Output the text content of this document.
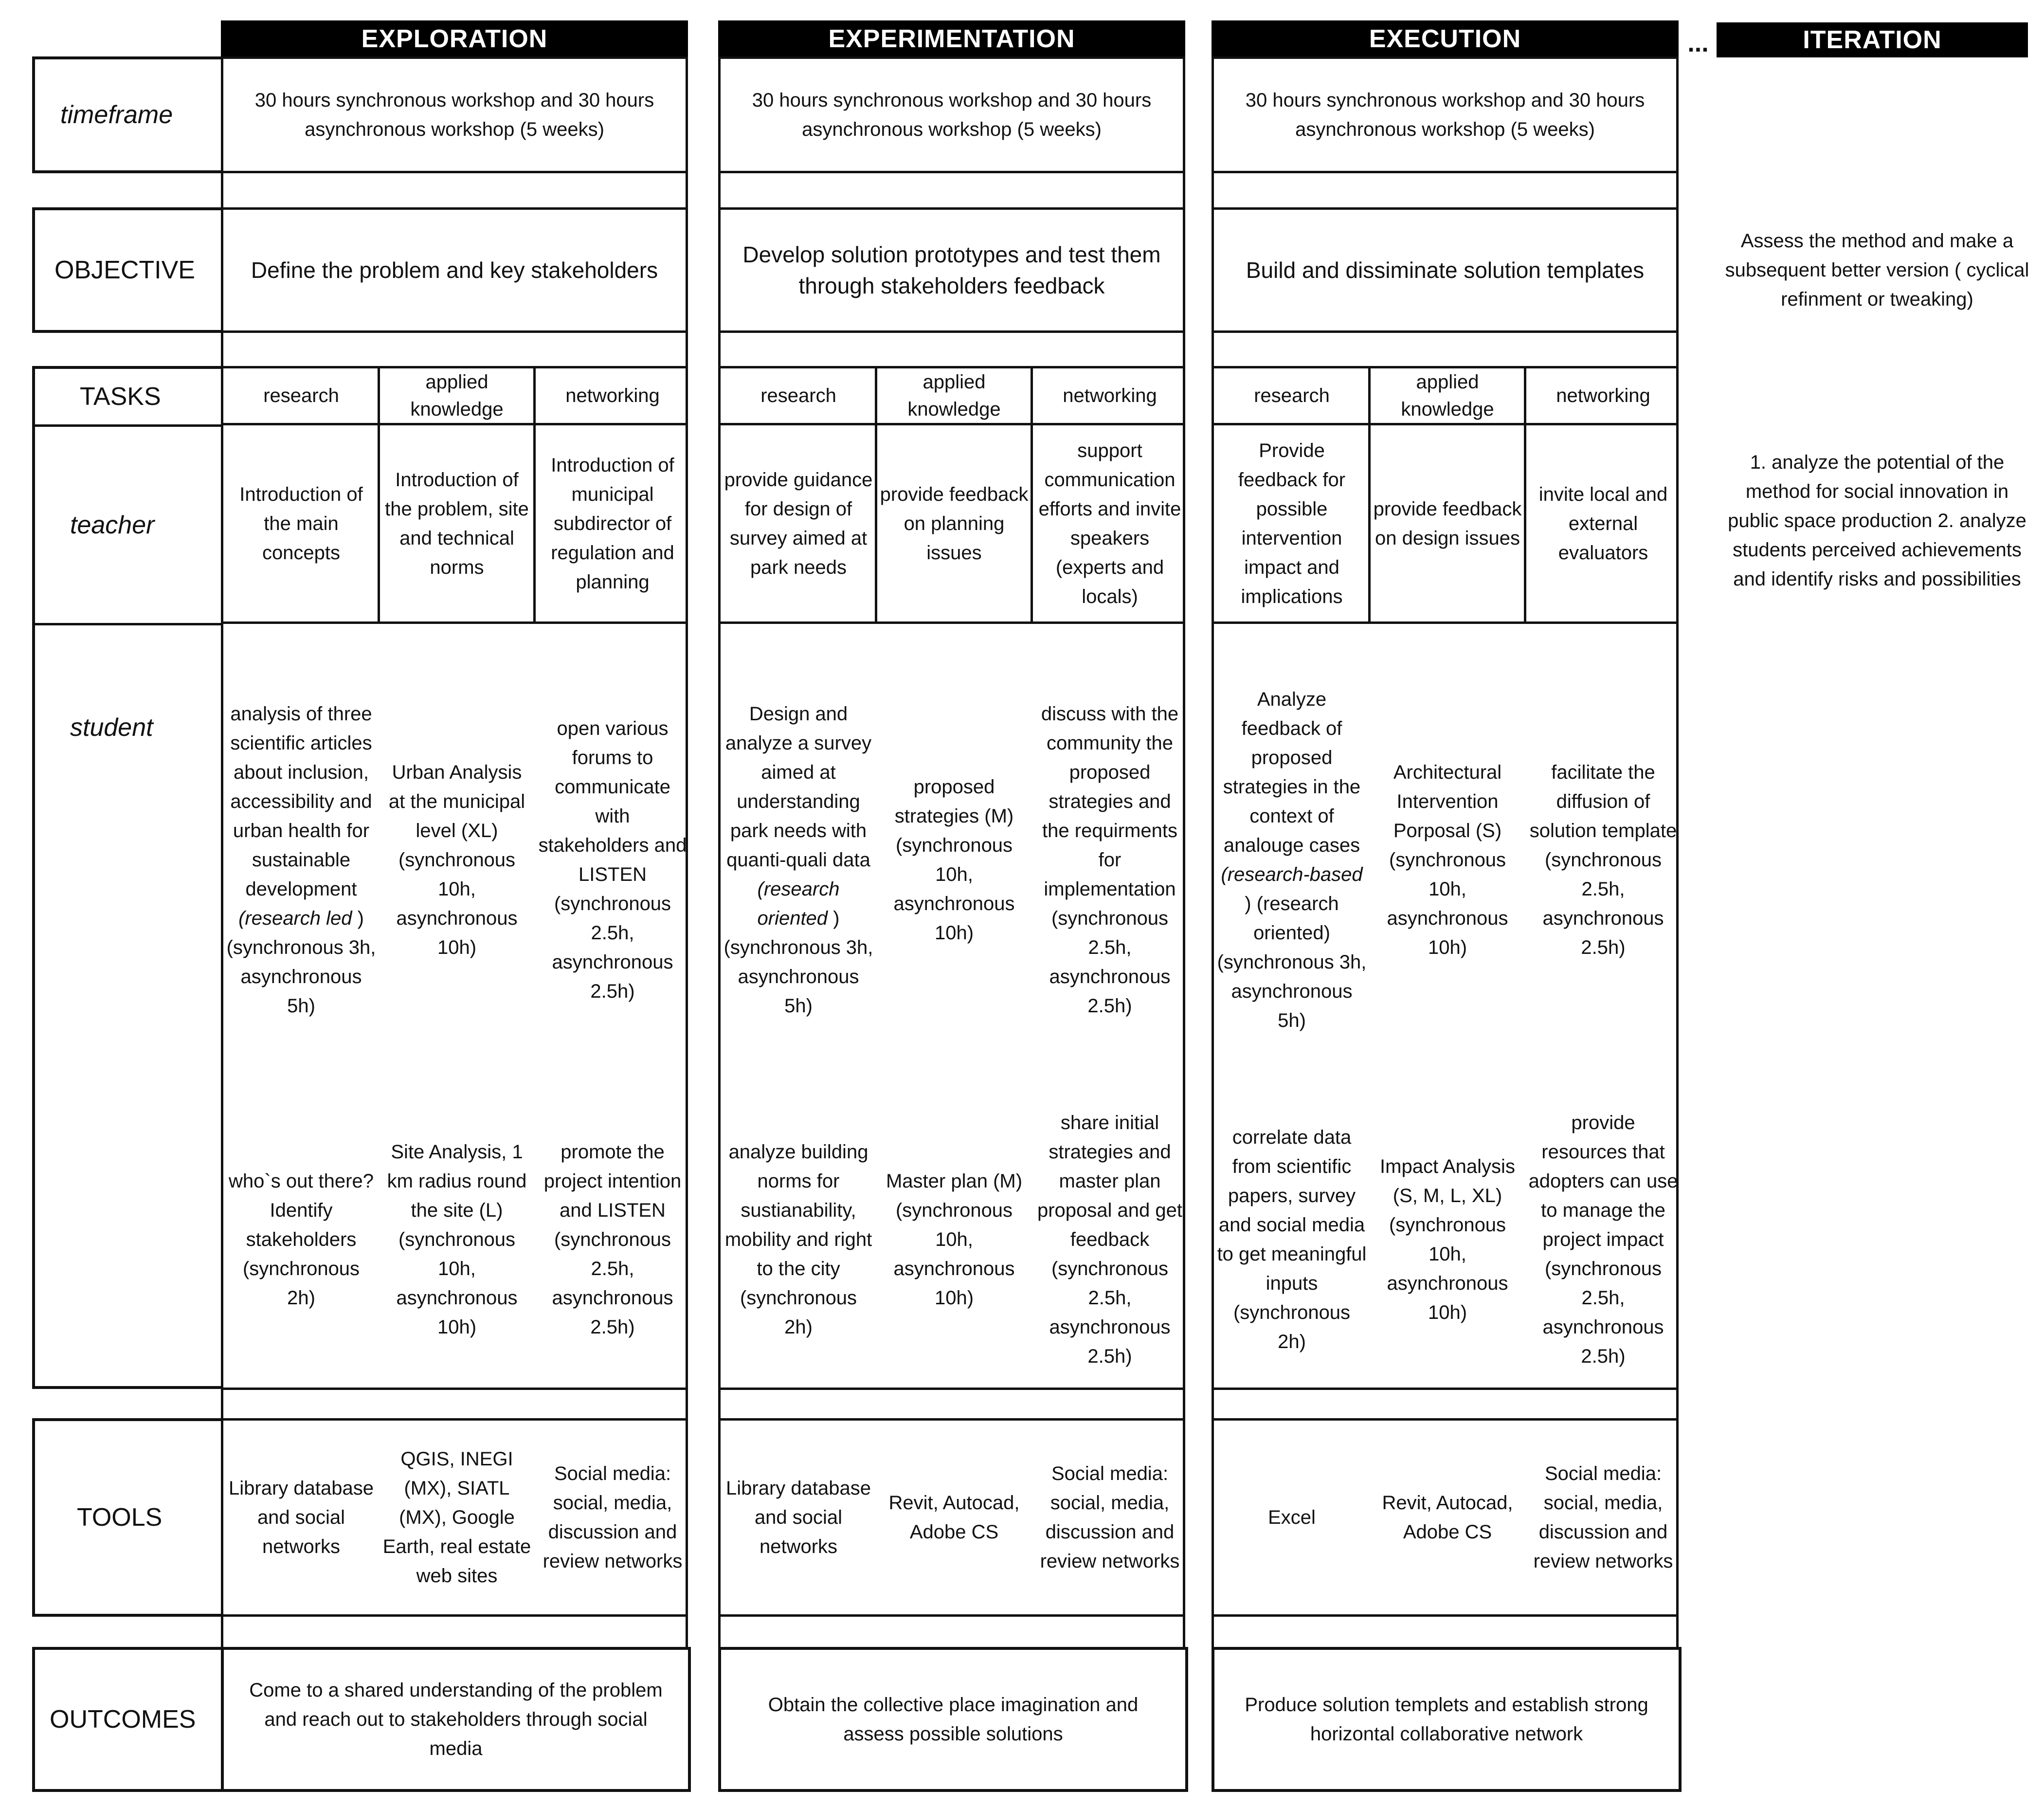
timeframe
OBJECTIVE
TASKS
teacher
student
TOOLS
OUTCOMES
EXPLORATION
30 hours synchronous workshop and 30 hours asynchronous workshop (5 weeks)
Define the problem and key stakeholders
research
Introduction of the main concepts
analysis of three scientific articles about inclusion, accessibility and urban health for sustainable development (research led ) (synchronous 3h, asynchronous 5h)
who`s out there? Identify stakeholders (synchronous 2h)
applied knowledge
Introduction of the problem, site and technical norms
Urban Analysis at the municipal level (XL) (synchronous 10h, asynchronous 10h)
Site Analysis, 1 km radius round the site (L) (synchronous 10h, asynchronous 10h)
networking
Introduction of municipal subdirector of regulation and planning
open various forums to communicate with stakeholders and LISTEN (synchronous 2.5h, asynchronous 2.5h)
promote the project intention and LISTEN (synchronous 2.5h, asynchronous 2.5h)
Library database and social networks
QGIS, INEGI (MX), SIATL (MX), Google Earth, real estate web sites
Social media: social, media, discussion and review networks
Come to a shared understanding of the problem and reach out to stakeholders through social media
EXPERIMENTATION
30 hours synchronous workshop and 30 hours asynchronous workshop (5 weeks)
Develop solution prototypes and test them through stakeholders feedback
research
provide guidance for design of survey aimed at park needs
Design and analyze a survey aimed at understanding park needs with quanti-quali data (research oriented ) (synchronous 3h, asynchronous 5h)
analyze building norms for sustianability, mobility and right to the city (synchronous 2h)
applied knowledge
provide feedback on planning issues
proposed strategies (M) (synchronous 10h, asynchronous 10h)
Master plan (M) (synchronous 10h, asynchronous 10h)
networking
support communication efforts and invite speakers (experts and locals)
discuss with the community the proposed strategies and the requirments for implementation (synchronous 2.5h, asynchronous 2.5h)
share initial strategies and master plan proposal and get feedback (synchronous 2.5h, asynchronous 2.5h)
Library database and social networks
Revit, Autocad, Adobe CS
Social media: social, media, discussion and review networks
Obtain the collective place imagination and assess possible solutions
EXECUTION
30 hours synchronous workshop and 30 hours asynchronous workshop (5 weeks)
Build and dissiminate solution templates
research
Provide feedback for possible intervention impact and implications
Analyze feedback of proposed strategies in the context of analouge cases (research-based ) (research oriented) (synchronous 3h, asynchronous 5h)
correlate data from scientific papers, survey and social media to get meaningful inputs (synchronous 2h)
applied knowledge
provide feedback on design issues
Architectural Intervention Porposal (S) (synchronous 10h, asynchronous 10h)
Impact Analysis (S, M, L, XL) (synchronous 10h, asynchronous 10h)
networking
invite local and external evaluators
facilitate the diffusion of solution template (synchronous 2.5h, asynchronous 2.5h)
provide resources that adopters can use to manage the project impact (synchronous 2.5h, asynchronous 2.5h)
Excel
Revit, Autocad, Adobe CS
Social media: social, media, discussion and review networks
Produce solution templets and establish strong horizontal collaborative network
...	ITERATION
Assess the method and make a subsequent better version ( cyclical refinment or tweaking)
1. analyze the potential of the method for social innovation in public space production 2. analyze students perceived achievements and identify risks and possibilities
